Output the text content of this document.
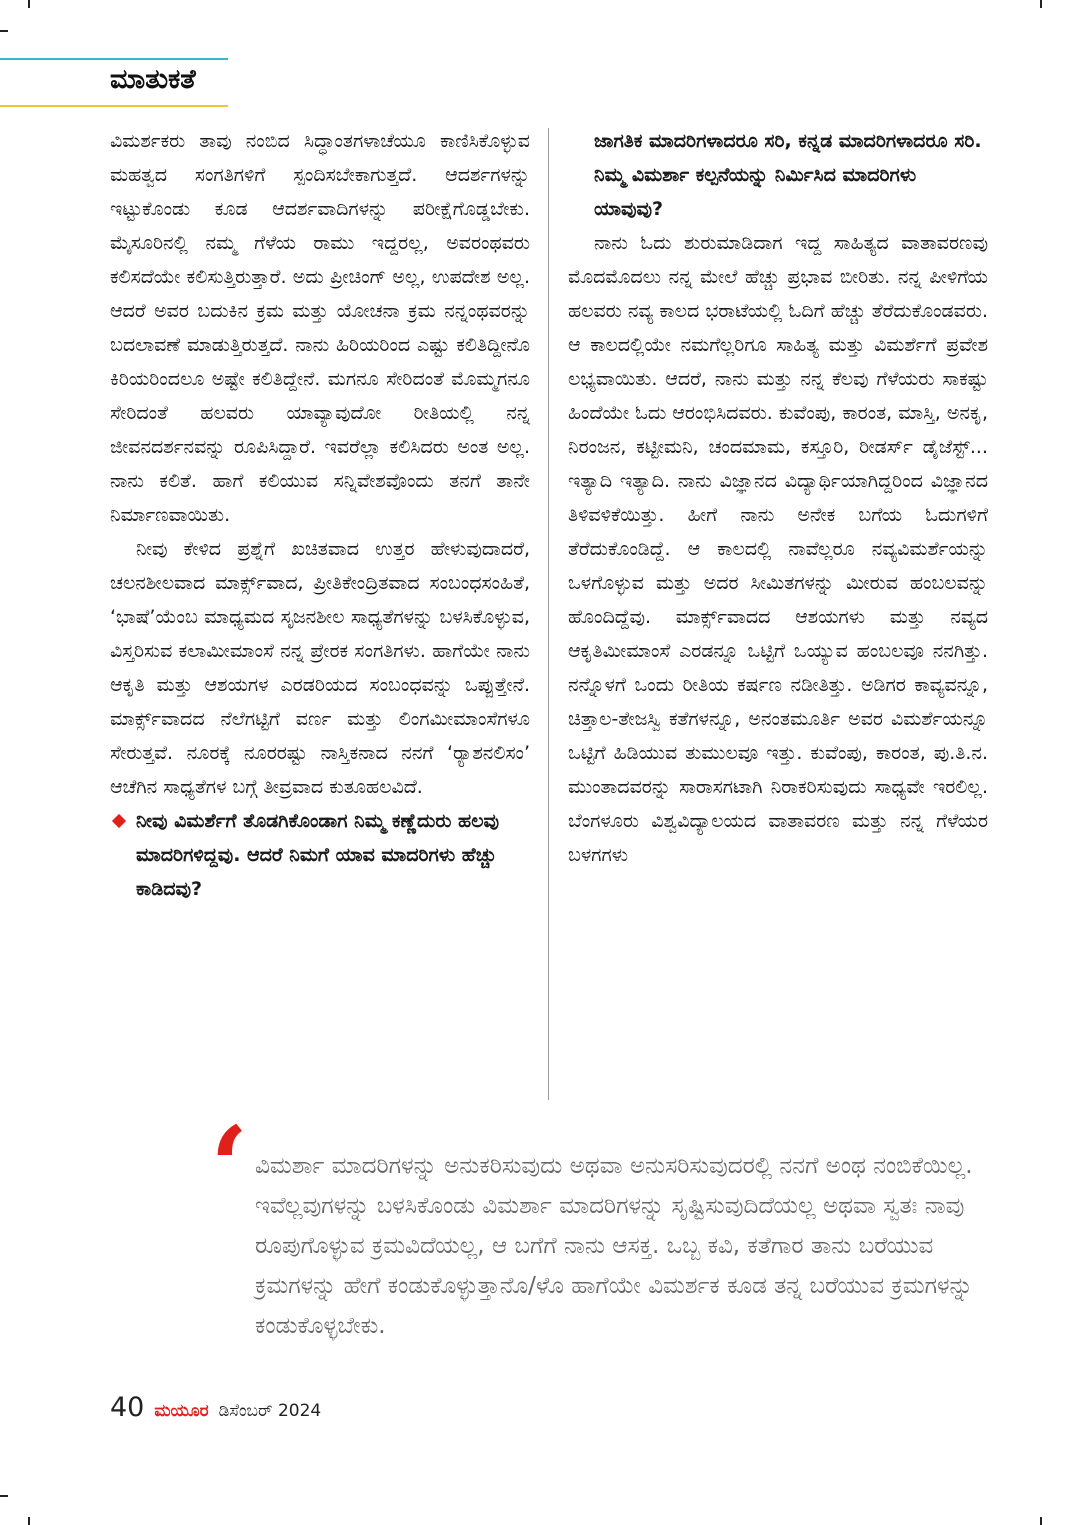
ಮಾತುಕತೆ

ವಿಮರ್ಶಕರು ತಾವು ನಂಬಿದ ಸಿದ್ಧಾಂತಗಳಾಚೆಯೂ ಕಾಣಿಸಿಕೊಳ್ಳುವ ಮಹತ್ವದ ಸಂಗತಿಗಳಿಗೆ ಸ್ಪಂದಿಸಬೇಕಾಗುತ್ತದೆ. ಆದರ್ಶಗಳನ್ನು ಇಟ್ಟುಕೊಂಡು ಕೂಡ ಆದರ್ಶವಾದಿಗಳನ್ನು ಪರೀಕ್ಷೆಗೊಡ್ಡಬೇಕು. ಮೈಸೂರಿನಲ್ಲಿ ನಮ್ಮ ಗೆಳೆಯ ರಾಮು ಇದ್ದರಲ್ಲ, ಅವರಂಥವರು ಕಲಿಸದೆಯೇ ಕಲಿಸುತ್ತಿರುತ್ತಾರೆ. ಅದು ಪ್ರೀಚಿಂಗ್ ಅಲ್ಲ, ಉಪದೇಶ ಅಲ್ಲ. ಆದರೆ ಅವರ ಬದುಕಿನ ಕ್ರಮ ಮತ್ತು ಯೋಚನಾ ಕ್ರಮ ನನ್ನಂಥವರನ್ನು ಬದಲಾವಣೆ ಮಾಡುತ್ತಿರುತ್ತದೆ. ನಾನು ಹಿರಿಯರಿಂದ ಎಷ್ಟು ಕಲಿತಿದ್ದೀನೊ ಕಿರಿಯರಿಂದಲೂ ಅಷ್ಟೇ ಕಲಿತಿದ್ದೇನೆ. ಮಗನೂ ಸೇರಿದಂತೆ ಮೊಮ್ಮಗನೂ ಸೇರಿದಂತೆ ಹಲವರು ಯಾವ್ಯಾವುದೋ ರೀತಿಯಲ್ಲಿ ನನ್ನ ಜೀವನದರ್ಶನವನ್ನು ರೂಪಿಸಿದ್ದಾರೆ. ಇವರೆಲ್ಲಾ ಕಲಿಸಿದರು ಅಂತ ಅಲ್ಲ. ನಾನು ಕಲಿತೆ. ಹಾಗೆ ಕಲಿಯುವ ಸನ್ನಿವೇಶವೊಂದು ತನಗೆ ತಾನೇ ನಿರ್ಮಾಣವಾಯಿತು.

ನೀವು ಕೇಳಿದ ಪ್ರಶ್ನೆಗೆ ಖಚಿತವಾದ ಉತ್ತರ ಹೇಳುವುದಾದರೆ, ಚಲನಶೀಲವಾದ ಮಾರ್ಕ್ಸ್‌ವಾದ, ಪ್ರೀತಿಕೇಂದ್ರಿತವಾದ ಸಂಬಂಧಸಂಹಿತೆ, ‘ಭಾಷೆ’ಯೆಂಬ ಮಾಧ್ಯಮದ ಸೃಜನಶೀಲ ಸಾಧ್ಯತೆಗಳನ್ನು ಬಳಸಿಕೊಳ್ಳುವ, ವಿಸ್ತರಿಸುವ ಕಲಾಮೀಮಾಂಸೆ ನನ್ನ ಪ್ರೇರಕ ಸಂಗತಿಗಳು. ಹಾಗೆಯೇ ನಾನು ಆಕೃತಿ ಮತ್ತು ಆಶಯಗಳ ಎರಡರಿಯದ ಸಂಬಂಧವನ್ನು ಒಪ್ಪುತ್ತೇನೆ. ಮಾರ್ಕ್ಸ್‌ವಾದದ ನೆಲೆಗಟ್ಟಿಗೆ ವರ್ಣ ಮತ್ತು ಲಿಂಗಮೀಮಾಂಸೆಗಳೂ ಸೇರುತ್ತವೆ. ನೂರಕ್ಕೆ ನೂರರಷ್ಟು ನಾಸ್ತಿಕನಾದ ನನಗೆ ‘ರ್‍ಯಾಶನಲಿಸಂ’ ಆಚೆಗಿನ ಸಾಧ್ಯತೆಗಳ ಬಗ್ಗೆ ತೀವ್ರವಾದ ಕುತೂಹಲವಿದೆ.

ನೀವು ವಿಮರ್ಶೆಗೆ ತೊಡಗಿಕೊಂಡಾಗ ನಿಮ್ಮ ಕಣ್ಣೆದುರು ಹಲವು ಮಾದರಿಗಳಿದ್ದವು. ಆದರೆ ನಿಮಗೆ ಯಾವ ಮಾದರಿಗಳು ಹೆಚ್ಚು ಕಾಡಿದವು?
ಜಾಗತಿಕ ಮಾದರಿಗಳಾದರೂ ಸರಿ, ಕನ್ನಡ ಮಾದರಿಗಳಾದರೂ ಸರಿ. ನಿಮ್ಮ ವಿಮರ್ಶಾ ಕಲ್ಪನೆಯನ್ನು ನಿರ್ಮಿಸಿದ ಮಾದರಿಗಳು ಯಾವುವು?

ನಾನು ಓದು ಶುರುಮಾಡಿದಾಗ ಇದ್ದ ಸಾಹಿತ್ಯದ ವಾತಾವರಣವು ಮೊದಮೊದಲು ನನ್ನ ಮೇಲೆ ಹೆಚ್ಚು ಪ್ರಭಾವ ಬೀರಿತು. ನನ್ನ ಪೀಳಿಗೆಯ ಹಲವರು ನವ್ಯ ಕಾಲದ ಭರಾಟೆಯಲ್ಲಿ ಓದಿಗೆ ಹೆಚ್ಚು ತೆರೆದುಕೊಂಡವರು. ಆ ಕಾಲದಲ್ಲಿಯೇ ನಮಗೆಲ್ಲರಿಗೂ ಸಾಹಿತ್ಯ ಮತ್ತು ವಿಮರ್ಶೆಗೆ ಪ್ರವೇಶ ಲಭ್ಯವಾಯಿತು. ಆದರೆ, ನಾನು ಮತ್ತು ನನ್ನ ಕೆಲವು ಗೆಳೆಯರು ಸಾಕಷ್ಟು ಹಿಂದೆಯೇ ಓದು ಆರಂಭಿಸಿದವರು. ಕುವೆಂಪು, ಕಾರಂತ, ಮಾಸ್ತಿ, ಅನಕೃ, ನಿರಂಜನ, ಕಟ್ಟೀಮನಿ, ಚಂದಮಾಮ, ಕಸ್ತೂರಿ, ರೀಡರ್ಸ್ ಡೈಜೆಸ್ಟ್... ಇತ್ಯಾದಿ ಇತ್ಯಾದಿ. ನಾನು ವಿಜ್ಞಾನದ ವಿದ್ಯಾರ್ಥಿಯಾಗಿದ್ದರಿಂದ ವಿಜ್ಞಾನದ ತಿಳಿವಳಿಕೆಯಿತ್ತು. ಹೀಗೆ ನಾನು ಅನೇಕ ಬಗೆಯ ಓದುಗಳಿಗೆ ತೆರೆದುಕೊಂಡಿದ್ದೆ. ಆ ಕಾಲದಲ್ಲಿ ನಾವೆಲ್ಲರೂ ನವ್ಯವಿಮರ್ಶೆಯನ್ನು ಒಳಗೊಳ್ಳುವ ಮತ್ತು ಅದರ ಸೀಮಿತಗಳನ್ನು ಮೀರುವ ಹಂಬಲವನ್ನು ಹೊಂದಿದ್ದೆವು. ಮಾರ್ಕ್ಸ್‌ವಾದದ ಆಶಯಗಳು ಮತ್ತು ನವ್ಯದ ಆಕೃತಿಮೀಮಾಂಸೆ ಎರಡನ್ನೂ ಒಟ್ಟಿಗೆ ಒಯ್ಯುವ ಹಂಬಲವೂ ನನಗಿತ್ತು. ನನ್ನೊಳಗೆ ಒಂದು ರೀತಿಯ ಕರ್ಷಣ ನಡೀತಿತ್ತು. ಅಡಿಗರ ಕಾವ್ಯವನ್ನೂ, ಚಿತ್ತಾಲ-ತೇಜಸ್ವಿ ಕತೆಗಳನ್ನೂ, ಅನಂತಮೂರ್ತಿ ಅವರ ವಿಮರ್ಶೆಯನ್ನೂ ಒಟ್ಟಿಗೆ ಹಿಡಿಯುವ ತುಮುಲವೂ ಇತ್ತು. ಕುವೆಂಪು, ಕಾರಂತ, ಪು.ತಿ.ನ. ಮುಂತಾದವರನ್ನು ಸಾರಾಸಗಟಾಗಿ ನಿರಾಕರಿಸುವುದು ಸಾಧ್ಯವೇ ಇರಲಿಲ್ಲ. ಬೆಂಗಳೂರು ವಿಶ್ವವಿದ್ಯಾಲಯದ ವಾತಾವರಣ ಮತ್ತು ನನ್ನ ಗೆಳೆಯರ ಬಳಗಗಳು

‘ ವಿಮರ್ಶಾ ಮಾದರಿಗಳನ್ನು ಅನುಕರಿಸುವುದು ಅಥವಾ ಅನುಸರಿಸುವುದರಲ್ಲಿ ನನಗೆ ಅಂಥ ನಂಬಿಕೆಯಿಲ್ಲ. ಇವೆಲ್ಲವುಗಳನ್ನು ಬಳಸಿಕೊಂಡು ವಿಮರ್ಶಾ ಮಾದರಿಗಳನ್ನು ಸೃಷ್ಟಿಸುವುದಿದೆಯಲ್ಲ ಅಥವಾ ಸ್ವತಃ ನಾವು ರೂಪುಗೊಳ್ಳುವ ಕ್ರಮವಿದೆಯಲ್ಲ, ಆ ಬಗೆಗೆ ನಾನು ಆಸಕ್ತ. ಒಬ್ಬ ಕವಿ, ಕತೆಗಾರ ತಾನು ಬರೆಯುವ ಕ್ರಮಗಳನ್ನು ಹೇಗೆ ಕಂಡುಕೊಳ್ಳುತ್ತಾನೊ/ಳೊ ಹಾಗೆಯೇ ವಿಮರ್ಶಕ ಕೂಡ ತನ್ನ ಬರೆಯುವ ಕ್ರಮಗಳನ್ನು ಕಂಡುಕೊಳ್ಳಬೇಕು.
40 ಮಯೂರ ಡಿಸೆಂಬರ್ 2024
